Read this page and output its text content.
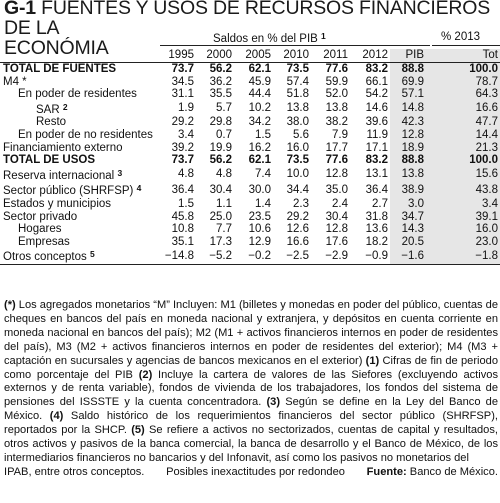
G-1 FUENTES Y USOS DE RECURSOS FINANCIEROS DE LA
ECONÓMIA	Saldos en % del PIB $^1$	% 2013
	1995	2000	2005	2010	2011	2012	PIB	Tot
TOTAL DE FUENTES	73.7	56.2	62.1	73.5	77.6	83.2	88.8	100.0
M4 *	34.5	36.2	45.9	57.4	59.9	66.1	69.9	78.7
En poder de residentes	31.1	35.5	44.4	51.8	52.0	54.2	57.1	64.3
SAR $^2$	1.9	5.7	10.2	13.8	13.8	14.6	14.8	16.6
Resto	29.2	29.8	34.2	38.0	38.2	39.6	42.3	47.7
En poder de no residentes	3.4	0.7	1.5	5.6	7.9	11.9	12.8	14.4
Financiamiento externo	39.2	19.9	16.2	16.0	17.7	17.1	18.9	21.3
TOTAL DE USOS	73.7	56.2	62.1	73.5	77.6	83.2	88.8	100.0
Reserva internacional $^3$	4.8	4.8	7.4	10.0	12.8	13.1	13.8	15.6
Sector público (SHRFSP) $^4$	36.4	30.4	30.0	34.4	35.0	36.4	38.9	43.8
Estados y municipios	1.5	1.1	1.4	2.3	2.4	2.7	3.0	3.4
Sector privado	45.8	25.0	23.5	29.2	30.4	31.8	34.7	39.1
Hogares	10.8	7.7	10.6	12.6	12.8	13.6	14.3	16.0
Empresas	35.1	17.3	12.9	16.6	17.6	18.2	20.5	23.0
Otros conceptos $^5$	−14.8	−5.2	−0.2	−2.5	−2.9	−0.9	−1.6	−1.8
(*) Los agregados monetarios “M” Incluyen: M1 (billetes y monedas en poder del público, cuentas de cheques en bancos del país en moneda nacional y extranjera, y depósitos en cuenta corriente en moneda nacional en bancos del país); M2 (M1 + activos financieros internos en poder de residentes del país), M3 (M2 + activos financieros internos en poder de residentes del exterior); M4 (M3 + captación en sucursales y agencias de bancos mexicanos en el exterior) (1) Cifras de fin de periodo como porcentaje del PIB (2) Incluye la cartera de valores de las Siefores (excluyendo activos externos y de renta variable), fondos de vivienda de los trabajadores, los fondos del sistema de pensiones del ISSSTE y la cuenta concentradora. (3) Según se define en la Ley del Banco de México. (4) Saldo histórico de los requerimientos financieros del sector público (SHRFSP), reportados por la SHCP. (5) Se refiere a activos no sectorizados, cuentas de capital y resultados, otros activos y pasivos de la banca comercial, la banca de desarrollo y el Banco de México, de los intermediarios financieros no bancarios y del Infonavit, así como los pasivos no monetarios del
IPAB, entre otros conceptos. Posibles inexactitudes por redondeo Fuente: Banco de México.
